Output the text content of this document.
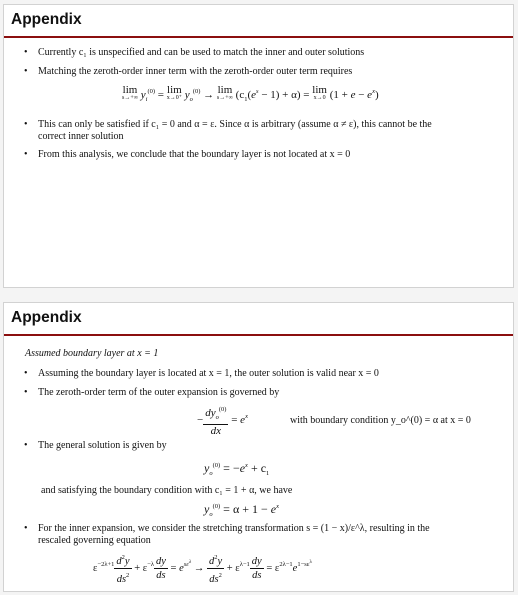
Appendix
• Currently c₁ is unspecified and can be used to match the inner and outer solutions
• Matching the zeroth-order inner term with the zeroth-order outer term requires
lim
s→+∞ $y_i^{(0)} = \lim$
x→0⁺ $y_o^{(0)} \to \lim$
s→+∞ $(c_1(e^s - 1) + \alpha) = \lim$
x→0 $(1 + e - e^x)$
• This can only be satisfied if c₁ = 0 and α = ε. Since α is arbitrary (assume α ≠ ε), this cannot be the
correct inner solution
• From this analysis, we conclude that the boundary layer is not located at x = 0
Appendix
Assumed boundary layer at x = 1
• Assuming the boundary layer is located at x = 1, the outer solution is valid near x = 0
• The zeroth-order term of the outer expansion is governed by
− $\frac{dy_o^{(0)}}{dx} = e^x$	with boundary condition y_o^(0) = α at x = 0
• The general solution is given by
$y_o^{(0)} = -e^x + c_1$
and satisfying the boundary condition with c₁ = 1 + α, we have
$y_o^{(0)} = \alpha + 1 - e^x$
• For the inner expansion, we consider the stretching transformation s = (1 − x)/ε^λ, resulting in the
rescaled governing equation
$\varepsilon^{-2\lambda+1} \frac{d^2y}{ds^2} + \varepsilon^{-\lambda} \frac{dy}{ds} = e^{s\varepsilon^\lambda} \to \frac{d^2y}{ds^2} + \varepsilon^{\lambda-1} \frac{dy}{ds} = \varepsilon^{2\lambda-1}e^{1-s\varepsilon^\lambda}$
